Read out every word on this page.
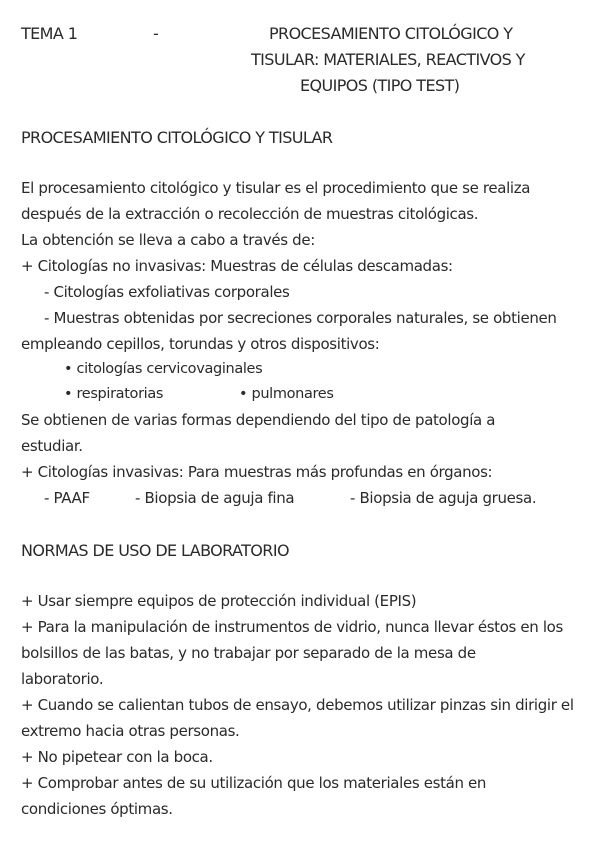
TEMA 1	-	PROCESAMIENTO CITOLÓGICO Y
TISULAR: MATERIALES, REACTIVOS Y
EQUIPOS (TIPO TEST)
PROCESAMIENTO CITOLÓGICO Y TISULAR
El procesamiento citológico y tisular es el procedimiento que se realiza
después de la extracción o recolección de muestras citológicas.
La obtención se lleva a cabo a través de:
+ Citologías no invasivas: Muestras de células descamadas:
- Citologías exfoliativas corporales
- Muestras obtenidas por secreciones corporales naturales, se obtienen
empleando cepillos, torundas y otros dispositivos:
• citologías cervicovaginales
• respiratorias	• pulmonares
Se obtienen de varias formas dependiendo del tipo de patología a
estudiar.
+ Citologías invasivas: Para muestras más profundas en órganos:
- PAAF	- Biopsia de aguja fina	- Biopsia de aguja gruesa.
NORMAS DE USO DE LABORATORIO
+ Usar siempre equipos de protección individual (EPIS)
+ Para la manipulación de instrumentos de vidrio, nunca llevar éstos en los
bolsillos de las batas, y no trabajar por separado de la mesa de
laboratorio.
+ Cuando se calientan tubos de ensayo, debemos utilizar pinzas sin dirigir el
extremo hacia otras personas.
+ No pipetear con la boca.
+ Comprobar antes de su utilización que los materiales están en
condiciones óptimas.
